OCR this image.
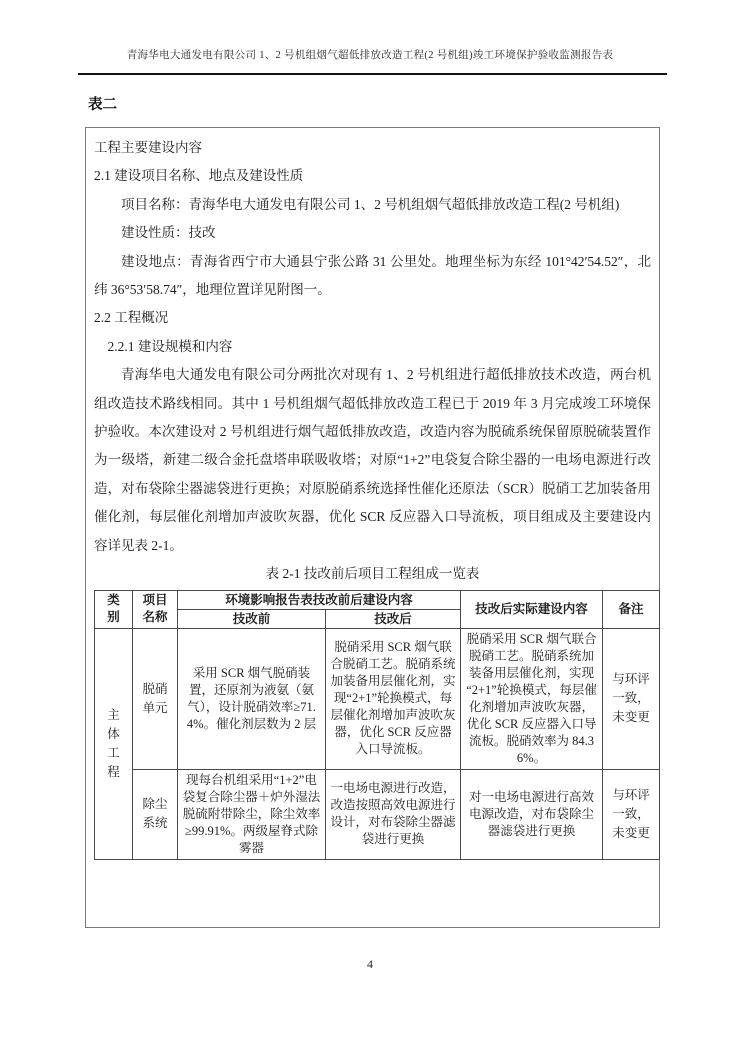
青海华电大通发电有限公司 1、2 号机组烟气超低排放改造工程(2 号机组)竣工环境保护验收监测报告表
表二
工程主要建设内容
2.1 建设项目名称、地点及建设性质

项目名称：青海华电大通发电有限公司 1、2 号机组烟气超低排放改造工程(2 号机组)

建设性质：技改

建设地点：青海省西宁市大通县宁张公路 31 公里处。地理坐标为东经 101°42′54.52″，北纬 36°53′58.74″，地理位置详见附图一。

2.2 工程概况
2.2.1 建设规模和内容

青海华电大通发电有限公司分两批次对现有 1、2 号机组进行超低排放技术改造，两台机组改造技术路线相同。其中 1 号机组烟气超低排放改造工程已于 2019 年 3 月完成竣工环境保护验收。本次建设对 2 号机组进行烟气超低排放改造，改造内容为脱硫系统保留原脱硫装置作为一级塔，新建二级合金托盘塔串联吸收塔；对原“1+2”电袋复合除尘器的一电场电源进行改造，对布袋除尘器滤袋进行更换；对原脱硝系统选择性催化还原法（SCR）脱硝工艺加装备用催化剂，每层催化剂增加声波吹灰器，优化 SCR 反应器入口导流板，项目组成及主要建设内容详见表 2-1。

表 2-1 技改前后项目工程组成一览表

类别	项目名称	环境影响报告表技改前后建设内容		技改后实际建设内容	备注
		技改前	技改后		
主体工程	脱硝单元	采用 SCR 烟气脱硝装置，还原剂为液氨（氨气），设计脱硝效率≥71.4%。催化剂层数为 2 层	脱硝采用 SCR 烟气联合脱硝工艺。脱硝系统加装备用层催化剂，实现“2+1”轮换模式，每层催化剂增加声波吹灰器，优化 SCR 反应器入口导流板。	脱硝采用 SCR 烟气联合脱硝工艺。脱硝系统加装备用层催化剂，实现“2+1”轮换模式，每层催化剂增加声波吹灰器，优化 SCR 反应器入口导流板。脱硝效率为 84.36%。	与环评一致，未变更
	除尘系统	现每台机组采用“1+2”电袋复合除尘器＋炉外湿法脱硫附带除尘，除尘效率≥99.91%。两级屋脊式除雾器	一电场电源进行改造，改造按照高效电源进行设计，对布袋除尘器滤袋进行更换	对一电场电源进行高效电源改造，对布袋除尘器滤袋进行更换	与环评一致，未变更
4
